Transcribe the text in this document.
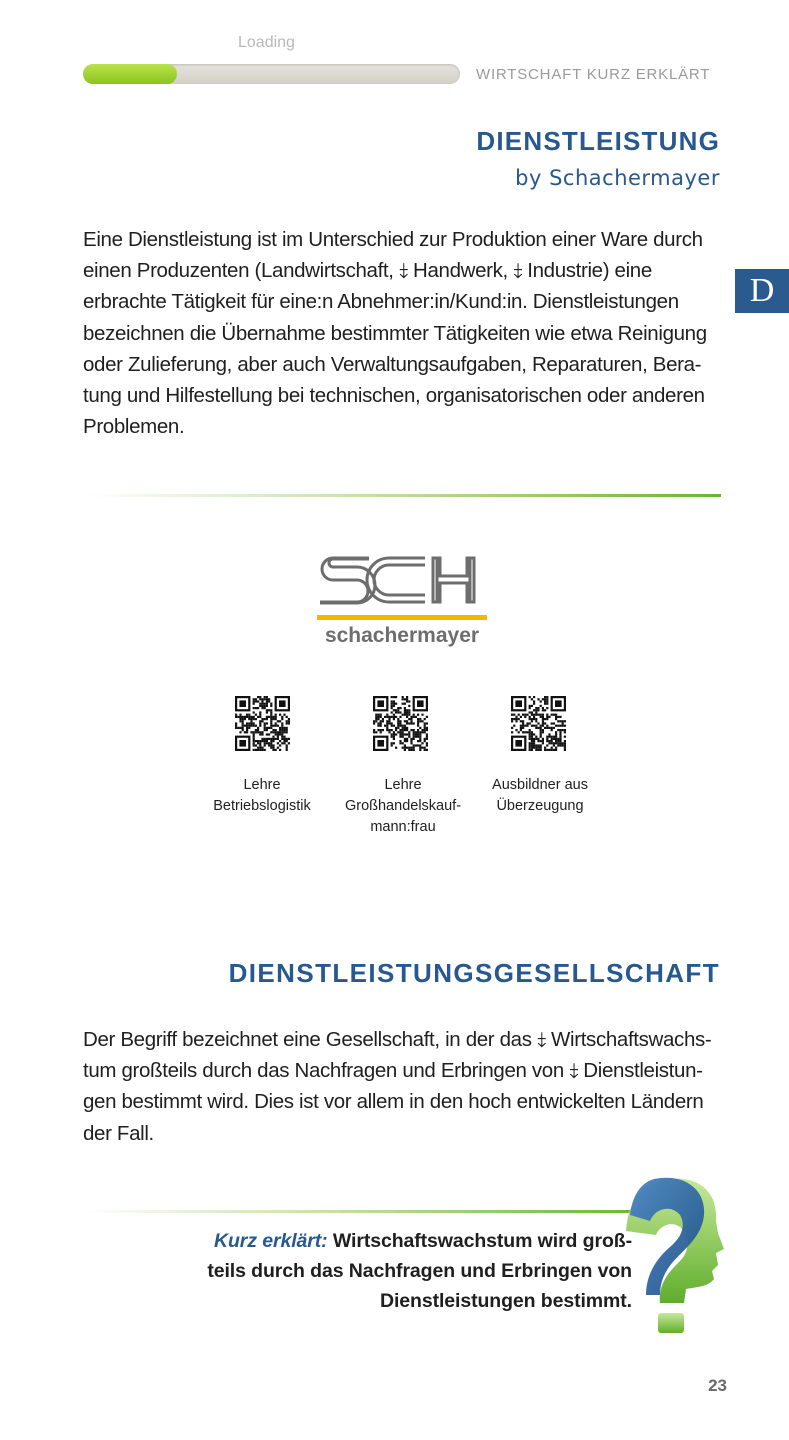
Loading
WIRTSCHAFT KURZ ERKLÄRT
D
DIENSTLEISTUNG
by Schachermayer
Eine Dienstleistung ist im Unterschied zur Produktion einer Ware durch
einen Produzenten (Landwirtschaft, ⤈ Handwerk, ⤈ Industrie) eine
erbrachte Tätigkeit für eine:n Abnehmer:in/Kund:in. Dienstleistungen
bezeichnen die Übernahme bestimmter Tätigkeiten wie etwa Reinigung
oder Zulieferung, aber auch Verwaltungsaufgaben, Reparaturen, Bera-
tung und Hilfestellung bei technischen, organisatorischen oder anderen
Problemen.
schachermayer
Lehre
Betriebslogistik
Lehre
Großhandelskauf-
mann:frau
Ausbildner aus
Überzeugung
DIENSTLEISTUNGSGESELLSCHAFT
Der Begriff bezeichnet eine Gesellschaft, in der das ⤈ Wirtschaftswachs-
tum großteils durch das Nachfragen und Erbringen von ⤈ Dienstleistun-
gen bestimmt wird. Dies ist vor allem in den hoch entwickelten Ländern
der Fall.
Kurz erklärt: Wirtschaftswachstum wird groß-
teils durch das Nachfragen und Erbringen von
Dienstleistungen bestimmt.
23
